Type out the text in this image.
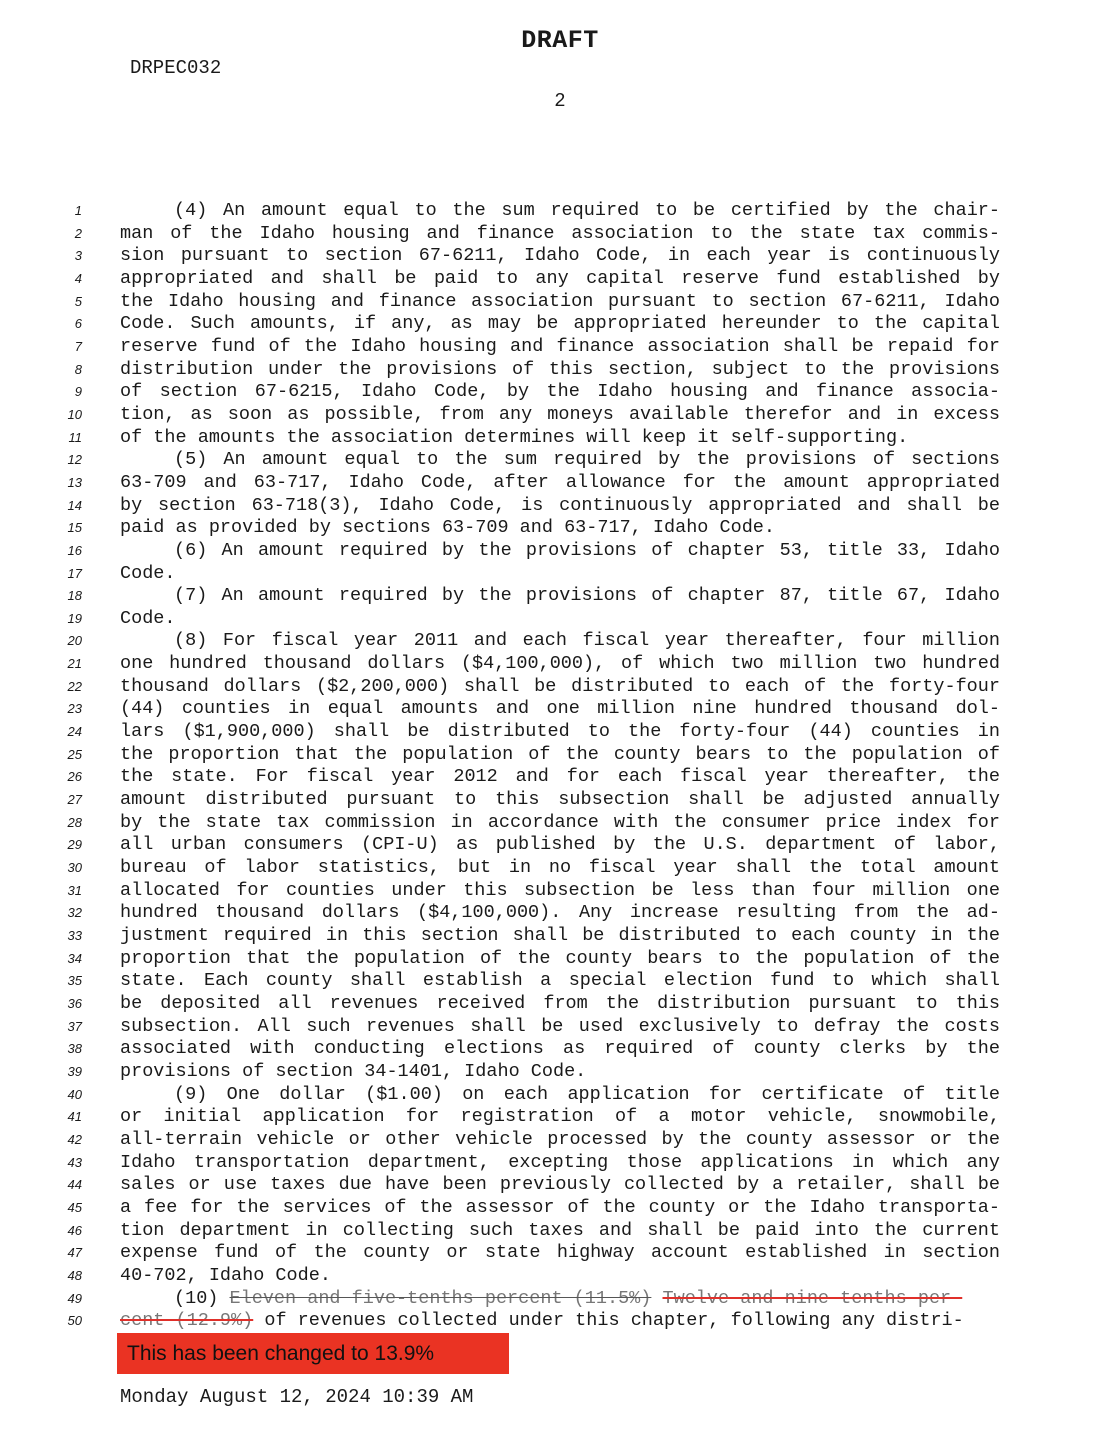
DRAFT
DRPEC032
2
1	(4) An amount equal to the sum required to be certified by the chair-
2 man of the Idaho housing and finance association to the state tax commis-
3 sion pursuant to section 67-6211, Idaho Code, in each year is continuously
4 appropriated and shall be paid to any capital reserve fund established by
5 the Idaho housing and finance association pursuant to section 67-6211, Idaho
6 Code. Such amounts, if any, as may be appropriated hereunder to the capital
7 reserve fund of the Idaho housing and finance association shall be repaid for
8 distribution under the provisions of this section, subject to the provisions
9 of section 67-6215, Idaho Code, by the Idaho housing and finance associa-
10 tion, as soon as possible, from any moneys available therefor and in excess
11 of the amounts the association determines will keep it self-supporting.
12	(5) An amount equal to the sum required by the provisions of sections
13 63-709 and 63-717, Idaho Code, after allowance for the amount appropriated
14 by section 63-718(3), Idaho Code, is continuously appropriated and shall be
15 paid as provided by sections 63-709 and 63-717, Idaho Code.
16	(6) An amount required by the provisions of chapter 53, title 33, Idaho
17 Code.
18	(7) An amount required by the provisions of chapter 87, title 67, Idaho
19 Code.
20	(8) For fiscal year 2011 and each fiscal year thereafter, four million
21 one hundred thousand dollars ($4,100,000), of which two million two hundred
22 thousand dollars ($2,200,000) shall be distributed to each of the forty-four
23 (44) counties in equal amounts and one million nine hundred thousand dol-
24 lars ($1,900,000) shall be distributed to the forty-four (44) counties in
25 the proportion that the population of the county bears to the population of
26 the state. For fiscal year 2012 and for each fiscal year thereafter, the
27 amount distributed pursuant to this subsection shall be adjusted annually
28 by the state tax commission in accordance with the consumer price index for
29 all urban consumers (CPI-U) as published by the U.S. department of labor,
30 bureau of labor statistics, but in no fiscal year shall the total amount
31 allocated for counties under this subsection be less than four million one
32 hundred thousand dollars ($4,100,000). Any increase resulting from the ad-
33 justment required in this section shall be distributed to each county in the
34 proportion that the population of the county bears to the population of the
35 state. Each county shall establish a special election fund to which shall
36 be deposited all revenues received from the distribution pursuant to this
37 subsection. All such revenues shall be used exclusively to defray the costs
38 associated with conducting elections as required of county clerks by the
39 provisions of section 34-1401, Idaho Code.
40	(9) One dollar ($1.00) on each application for certificate of title
41 or initial application for registration of a motor vehicle, snowmobile,
42 all-terrain vehicle or other vehicle processed by the county assessor or the
43 Idaho transportation department, excepting those applications in which any
44 sales or use taxes due have been previously collected by a retailer, shall be
45 a fee for the services of the assessor of the county or the Idaho transporta-
46 tion department in collecting such taxes and shall be paid into the current
47 expense fund of the county or state highway account established in section
48 40-702, Idaho Code.
49	(10) Eleven and five-tenths percent (11.5%) Twelve and nine-tenths per-
50 cent (12.9%) of revenues collected under this chapter, following any distri-
This has been changed to 13.9%
Monday August 12, 2024 10:39 AM
